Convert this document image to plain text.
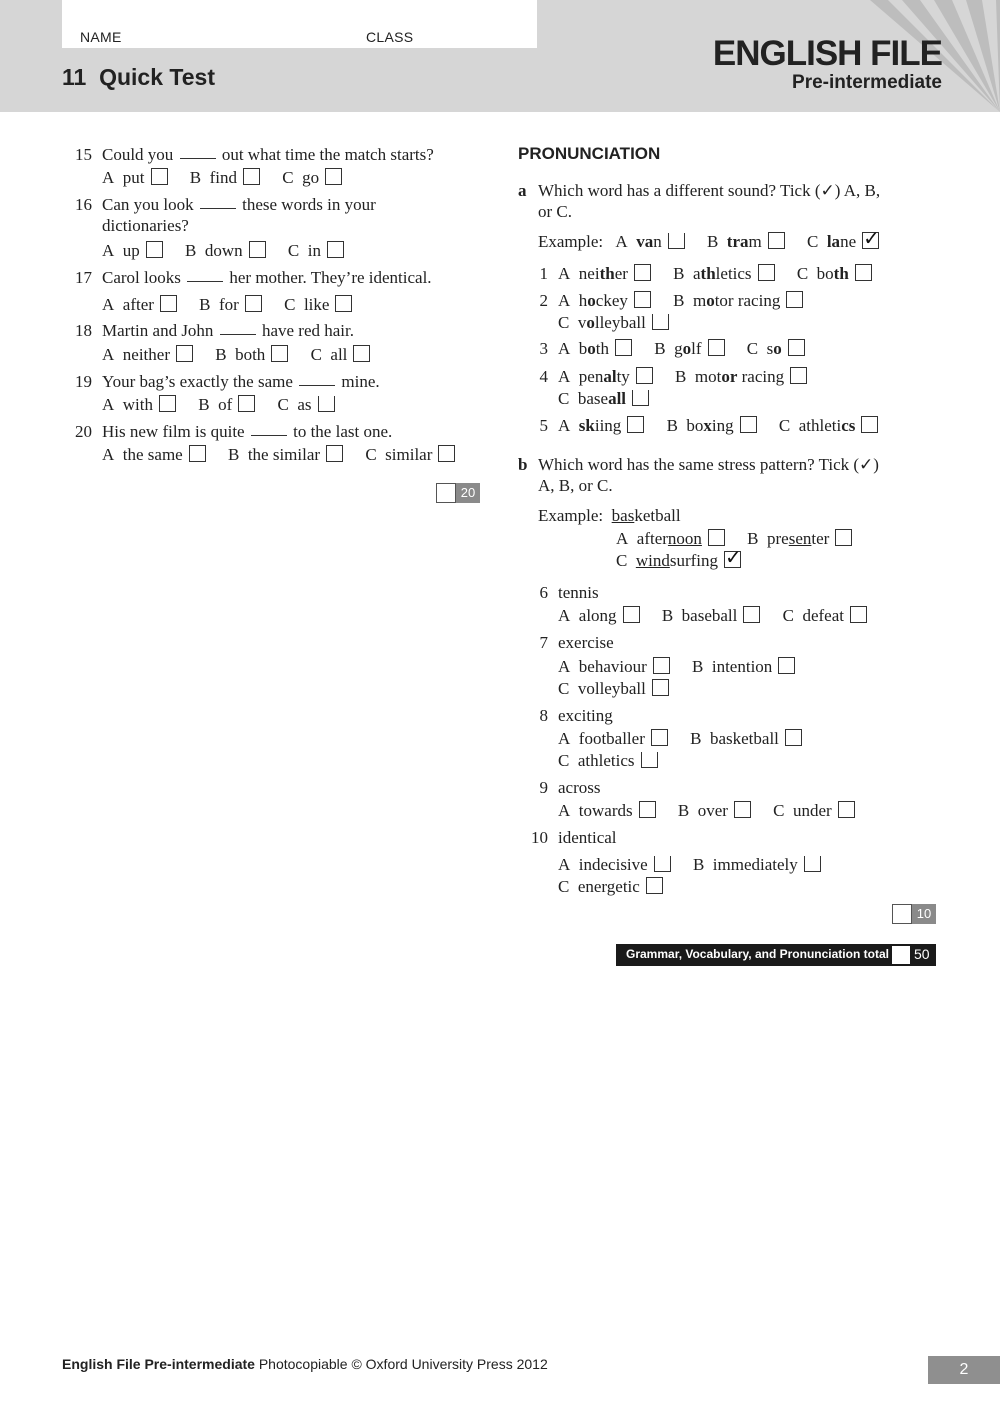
NAME	CLASS
11  Quick Test
ENGLISH FILE
Pre-intermediate
15 Could you	out what time the match starts?
A put	B find	C go
16 Can you look	these words in your
dictionaries?
A up	B down	C in
17 Carol looks	her mother. They’re identical.
A after	B for	C like
18 Martin and John	have red hair.
A neither	B both	C all
19 Your bag’s exactly the same	mine.
A with	B of	C as
20 His new film is quite	to the last one.
A the same	B the similar	C similar
20
PRONUNCIATION
a Which word has a different sound? Tick (✓) A, B,
or C.
Example: A van	B tram	C lane✓
1 A neither	B athletics	C both
2 A hockey	B motor racing
C volleyball
3 A both	B golf	C so
4 A penalty	B motor racing
C baseall
5 A skiing	B boxing	C athletics
b Which word has the same stress pattern? Tick (✓)
A, B, or C.
Example: basketball
A afternoon	B presenter
C windsurfing✓
6 tennis
A along	B baseball	C defeat
7 exercise
A behaviour	B intention
C volleyball
8 exciting
A footballer	B basketball
C athletics
9 across
A towards	B over	C under
10 identical
A indecisive	B immediately
C energetic
10
Grammar, Vocabulary, and Pronunciation total 50
English File Pre-intermediate Photocopiable © Oxford University Press 2012	2
